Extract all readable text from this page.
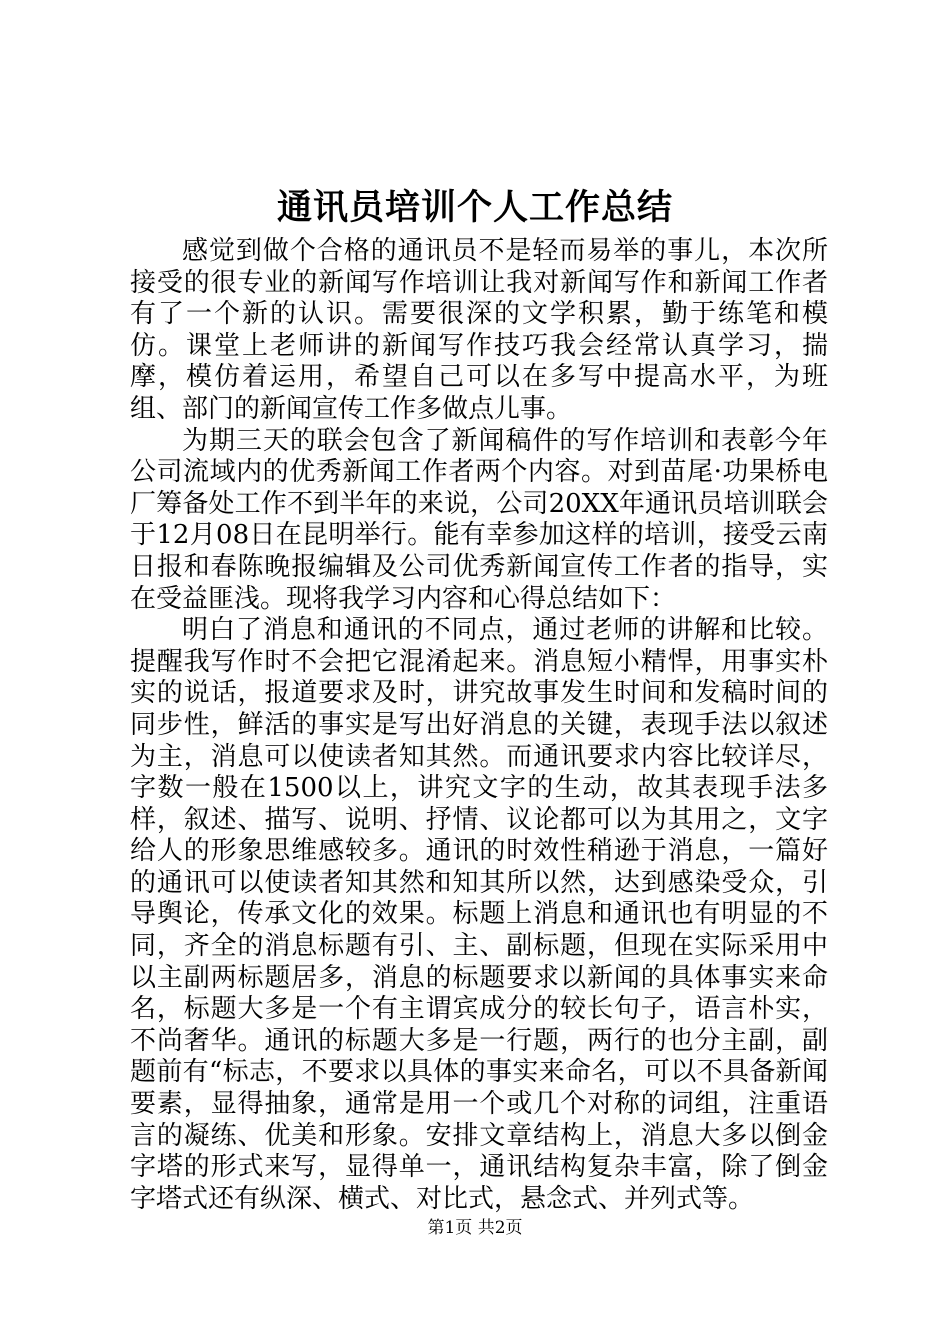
通讯员培训个人工作总结

感觉到做个合格的通讯员不是轻而易举的事儿，本次所接受的很专业的新闻写作培训让我对新闻写作和新闻工作者有了一个新的认识。需要很深的文学积累，勤于练笔和模仿。课堂上老师讲的新闻写作技巧我会经常认真学习，揣摩，模仿着运用，希望自己可以在多写中提高水平，为班组、部门的新闻宣传工作多做点儿事。

为期三天的联会包含了新闻稿件的写作培训和表彰今年公司流域内的优秀新闻工作者两个内容。对到苗尾·功果桥电厂筹备处工作不到半年的来说，公司20XX年通讯员培训联会于12月08日在昆明举行。能有幸参加这样的培训，接受云南日报和春陈晚报编辑及公司优秀新闻宣传工作者的指导，实在受益匪浅。现将我学习内容和心得总结如下：

明白了消息和通讯的不同点，通过老师的讲解和比较。提醒我写作时不会把它混淆起来。消息短小精悍，用事实朴实的说话，报道要求及时，讲究故事发生时间和发稿时间的同步性，鲜活的事实是写出好消息的关键，表现手法以叙述为主，消息可以使读者知其然。而通讯要求内容比较详尽，字数一般在1500以上，讲究文字的生动，故其表现手法多样，叙述、描写、说明、抒情、议论都可以为其用之，文字给人的形象思维感较多。通讯的时效性稍逊于消息，一篇好的通讯可以使读者知其然和知其所以然，达到感染受众，引导舆论，传承文化的效果。标题上消息和通讯也有明显的不同，齐全的消息标题有引、主、副标题，但现在实际采用中以主副两标题居多，消息的标题要求以新闻的具体事实来命名，标题大多是一个有主谓宾成分的较长句子，语言朴实，不尚奢华。通讯的标题大多是一行题，两行的也分主副，副题前有“标志，不要求以具体的事实来命名，可以不具备新闻要素，显得抽象，通常是用一个或几个对称的词组，注重语言的凝练、优美和形象。安排文章结构上，消息大多以倒金字塔的形式来写，显得单一，通讯结构复杂丰富，除了倒金字塔式还有纵深、横式、对比式，悬念式、并列式等。

第1页 共2页
